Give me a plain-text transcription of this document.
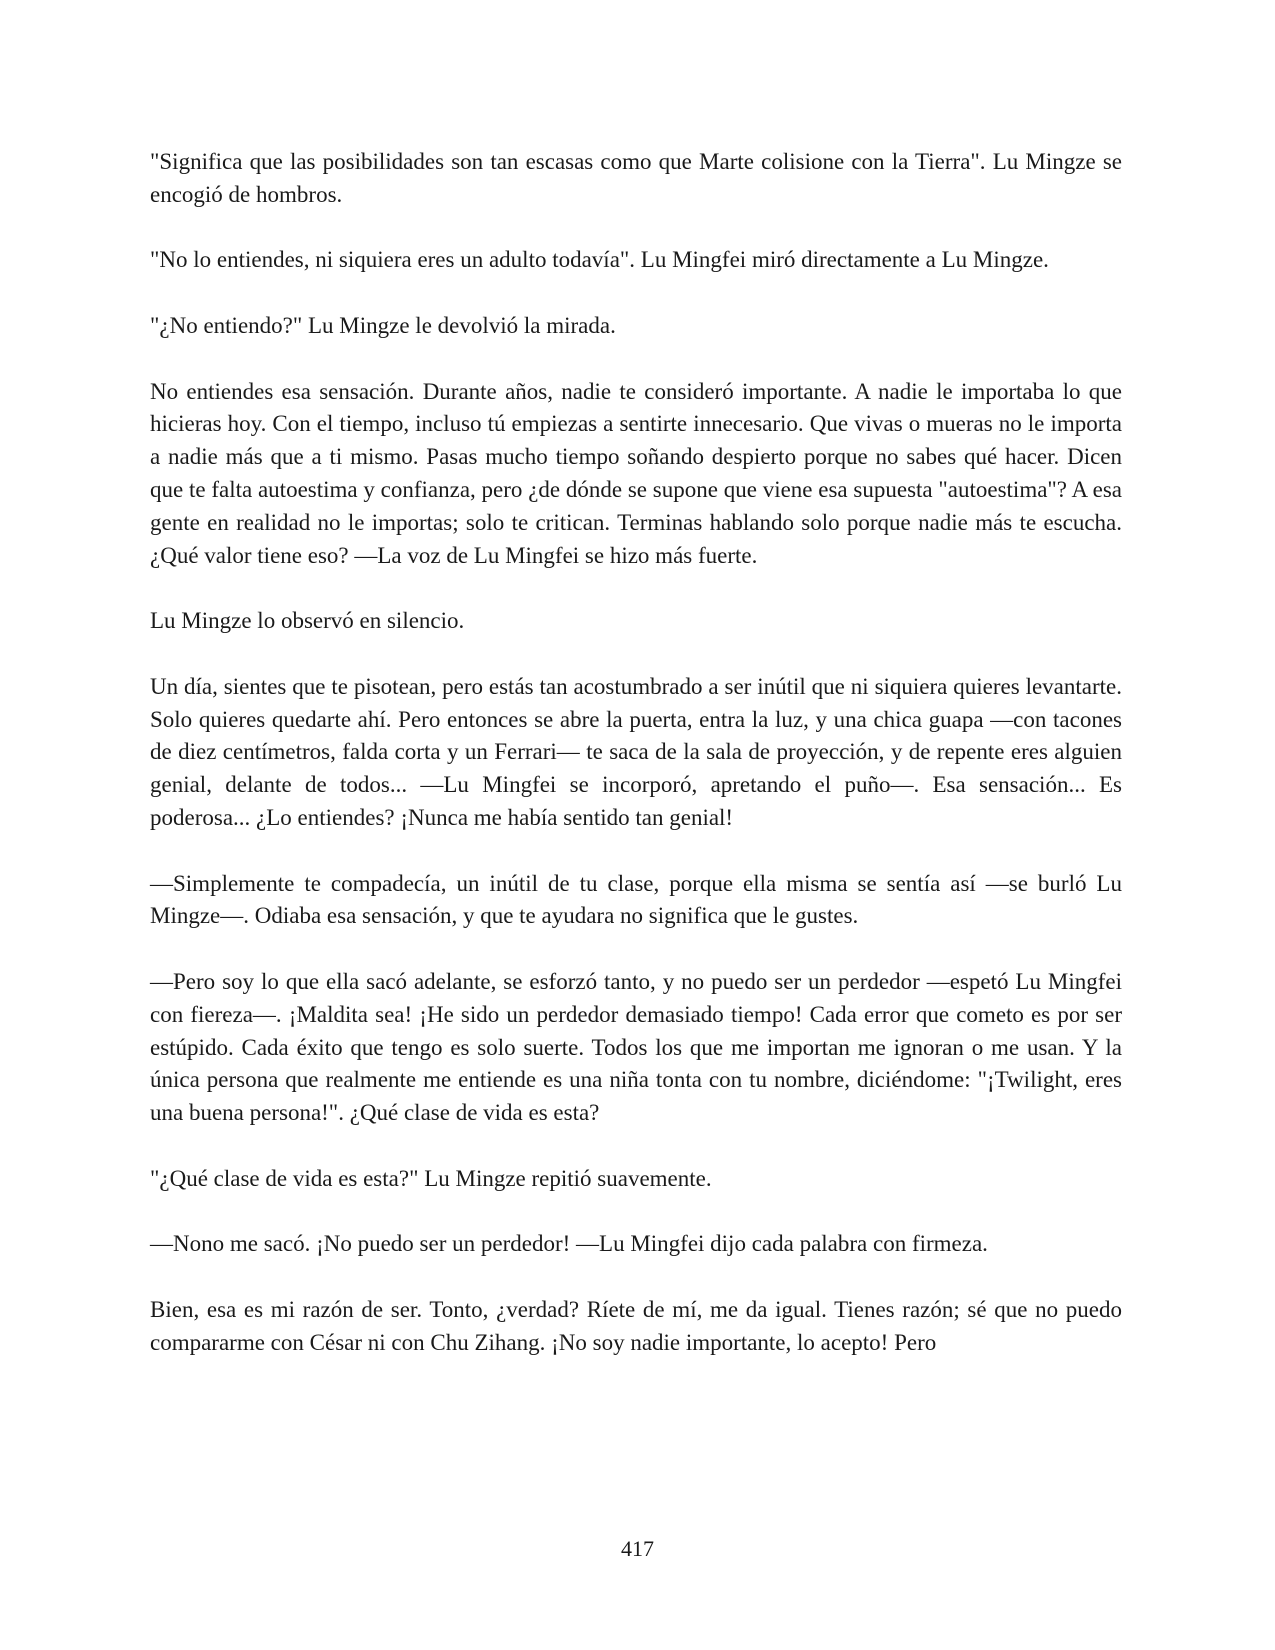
"Significa que las posibilidades son tan escasas como que Marte colisione con la Tierra". Lu Mingze se encogió de hombros.

"No lo entiendes, ni siquiera eres un adulto todavía". Lu Mingfei miró directamente a Lu Mingze.

"¿No entiendo?" Lu Mingze le devolvió la mirada.

No entiendes esa sensación. Durante años, nadie te consideró importante. A nadie le importaba lo que hicieras hoy. Con el tiempo, incluso tú empiezas a sentirte innecesario. Que vivas o mueras no le importa a nadie más que a ti mismo. Pasas mucho tiempo soñando despierto porque no sabes qué hacer. Dicen que te falta autoestima y confianza, pero ¿de dónde se supone que viene esa supuesta "autoestima"? A esa gente en realidad no le importas; solo te critican. Terminas hablando solo porque nadie más te escucha. ¿Qué valor tiene eso? —La voz de Lu Mingfei se hizo más fuerte.

Lu Mingze lo observó en silencio.

Un día, sientes que te pisotean, pero estás tan acostumbrado a ser inútil que ni siquiera quieres levantarte. Solo quieres quedarte ahí. Pero entonces se abre la puerta, entra la luz, y una chica guapa —con tacones de diez centímetros, falda corta y un Ferrari— te saca de la sala de proyección, y de repente eres alguien genial, delante de todos... —Lu Mingfei se incorporó, apretando el puño—. Esa sensación... Es poderosa... ¿Lo entiendes? ¡Nunca me había sentido tan genial!

—Simplemente te compadecía, un inútil de tu clase, porque ella misma se sentía así —se burló Lu Mingze—. Odiaba esa sensación, y que te ayudara no significa que le gustes.

—Pero soy lo que ella sacó adelante, se esforzó tanto, y no puedo ser un perdedor —espetó Lu Mingfei con fiereza—. ¡Maldita sea! ¡He sido un perdedor demasiado tiempo! Cada error que cometo es por ser estúpido. Cada éxito que tengo es solo suerte. Todos los que me importan me ignoran o me usan. Y la única persona que realmente me entiende es una niña tonta con tu nombre, diciéndome: "¡Twilight, eres una buena persona!". ¿Qué clase de vida es esta?

"¿Qué clase de vida es esta?" Lu Mingze repitió suavemente.

—Nono me sacó. ¡No puedo ser un perdedor! —Lu Mingfei dijo cada palabra con firmeza.

Bien, esa es mi razón de ser. Tonto, ¿verdad? Ríete de mí, me da igual. Tienes razón; sé que no puedo compararme con César ni con Chu Zihang. ¡No soy nadie importante, lo acepto! Pero

417
